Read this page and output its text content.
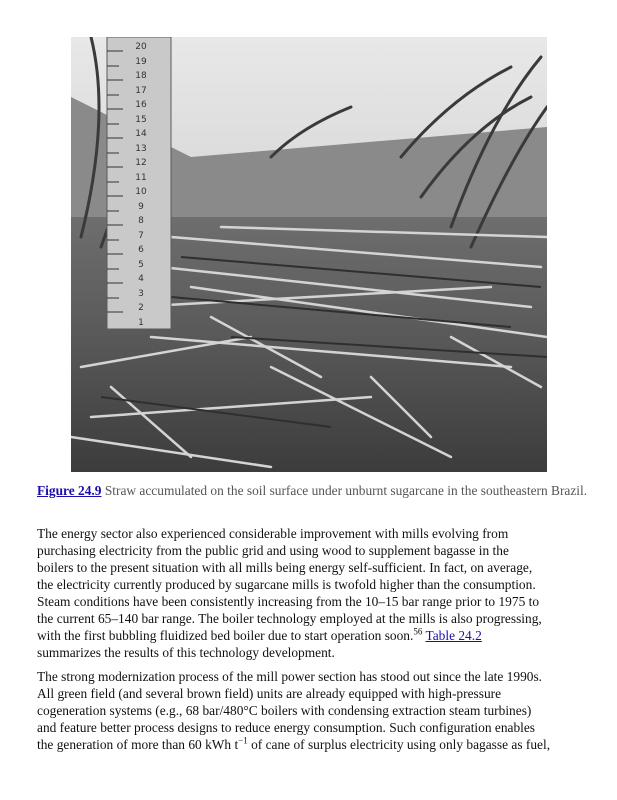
20
19
18
17
16
15
14
13
12
11
10
9
8
7
6
5
4
3
2
1
Figure 24.9 Straw accumulated on the soil surface under unburnt sugarcane in the southeastern Brazil.
The energy sector also experienced considerable improvement with mills evolving from
purchasing electricity from the public grid and using wood to supplement bagasse in the
boilers to the present situation with all mills being energy self-sufficient. In fact, on average,
the electricity currently produced by sugarcane mills is twofold higher than the consumption.
Steam conditions have been consistently increasing from the 10–15 bar range prior to 1975 to
the current 65–140 bar range. The boiler technology employed at the mills is also progressing,
with the first bubbling fluidized bed boiler due to start operation soon.$^{56}$ Table 24.2
summarizes the results of this technology development.
The strong modernization process of the mill power section has stood out since the late 1990s.
All green field (and several brown field) units are already equipped with high-pressure
cogeneration systems (e.g., 68 bar/480°C boilers with condensing extraction steam turbines)
and feature better process designs to reduce energy consumption. Such configuration enables
the generation of more than 60 kWh $t^{-1}$ of cane of surplus electricity using only bagasse as fuel,
